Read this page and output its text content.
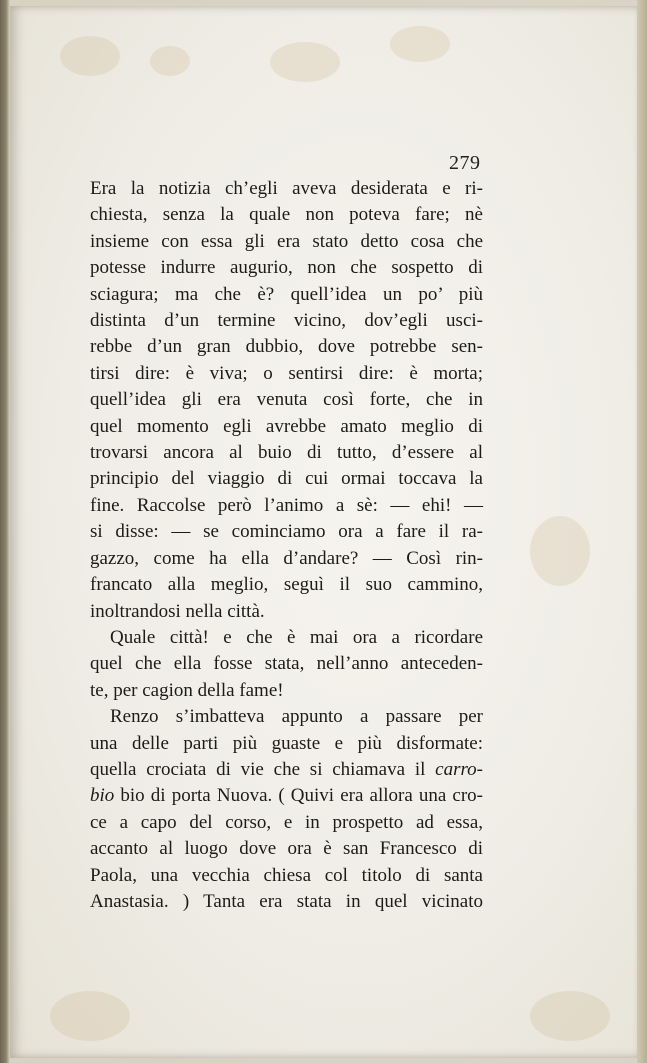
279
Era la notizia ch’egli aveva desiderata e ri-
chiesta, senza la quale non poteva fare; nè
insieme con essa gli era stato detto cosa che
potesse indurre augurio, non che sospetto di
sciagura; ma che è? quell’idea un po’ più
distinta d’un termine vicino, dov’egli usci-
rebbe d’un gran dubbio, dove potrebbe sen-
tirsi dire: è viva; o sentirsi dire: è morta;
quell’idea gli era venuta così forte, che in
quel momento egli avrebbe amato meglio di
trovarsi ancora al buio di tutto, d’essere al
principio del viaggio di cui ormai toccava la
fine. Raccolse però l’animo a sè: — ehi! —
si disse: — se cominciamo ora a fare il ra-
gazzo, come ha ella d’andare? — Così rin-
francato alla meglio, seguì il suo cammino,
inoltrandosi nella città.
Quale città! e che è mai ora a ricordare
quel che ella fosse stata, nell’anno anteceden-
te, per cagion della fame!
Renzo s’imbatteva appunto a passare per
una delle parti più guaste e più disformate:
quella crociata di vie che si chiamava il carro-
bio bio di porta Nuova. ( Quivi era allora una cro-
ce a capo del corso, e in prospetto ad essa,
accanto al luogo dove ora è san Francesco di
Paola, una vecchia chiesa col titolo di santa
Anastasia. ) Tanta era stata in quel vicinato
